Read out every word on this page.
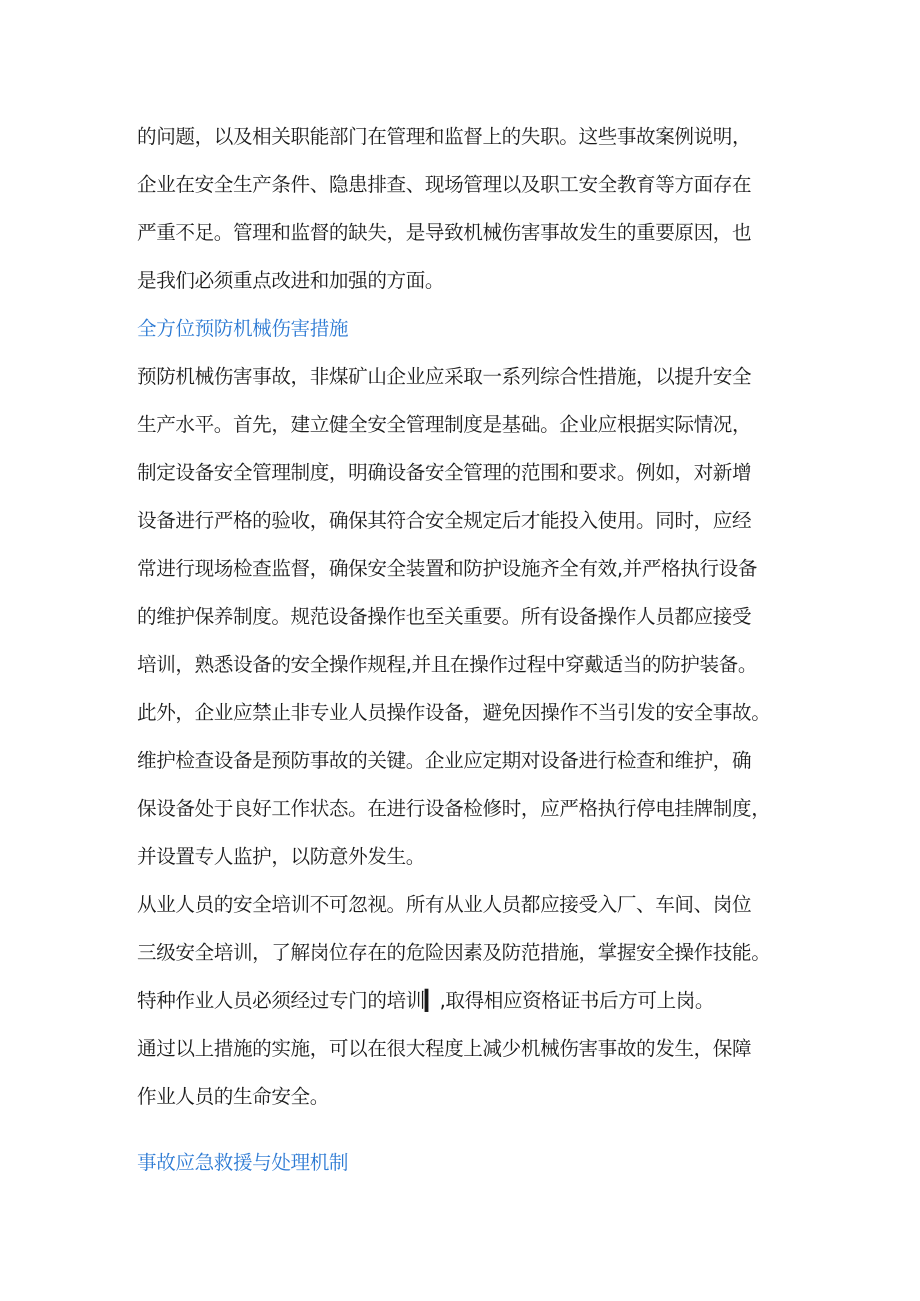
的问题，以及相关职能部门在管理和监督上的失职。这些事故案例说明，
企业在安全生产条件、隐患排查、现场管理以及职工安全教育等方面存在
严重不足。管理和监督的缺失，是导致机械伤害事故发生的重要原因，也
是我们必须重点改进和加强的方面。
全方位预防机械伤害措施
预防机械伤害事故，非煤矿山企业应采取一系列综合性措施，以提升安全
生产水平。首先，建立健全安全管理制度是基础。企业应根据实际情况，
制定设备安全管理制度，明确设备安全管理的范围和要求。例如，对新增
设备进行严格的验收，确保其符合安全规定后才能投入使用。同时，应经
常进行现场检查监督，确保安全装置和防护设施齐全有效,并严格执行设备
的维护保养制度。规范设备操作也至关重要。所有设备操作人员都应接受
培训，熟悉设备的安全操作规程,并且在操作过程中穿戴适当的防护装备。
此外，企业应禁止非专业人员操作设备，避免因操作不当引发的安全事故。
维护检查设备是预防事故的关键。企业应定期对设备进行检查和维护，确
保设备处于良好工作状态。在进行设备检修时，应严格执行停电挂牌制度，
并设置专人监护，以防意外发生。
从业人员的安全培训不可忽视。所有从业人员都应接受入厂、车间、岗位
三级安全培训，了解岗位存在的危险因素及防范措施，掌握安全操作技能。
特种作业人员必须经过专门的培训▎,取得相应资格证书后方可上岗。
通过以上措施的实施，可以在很大程度上减少机械伤害事故的发生，保障
作业人员的生命安全。
事故应急救援与处理机制
